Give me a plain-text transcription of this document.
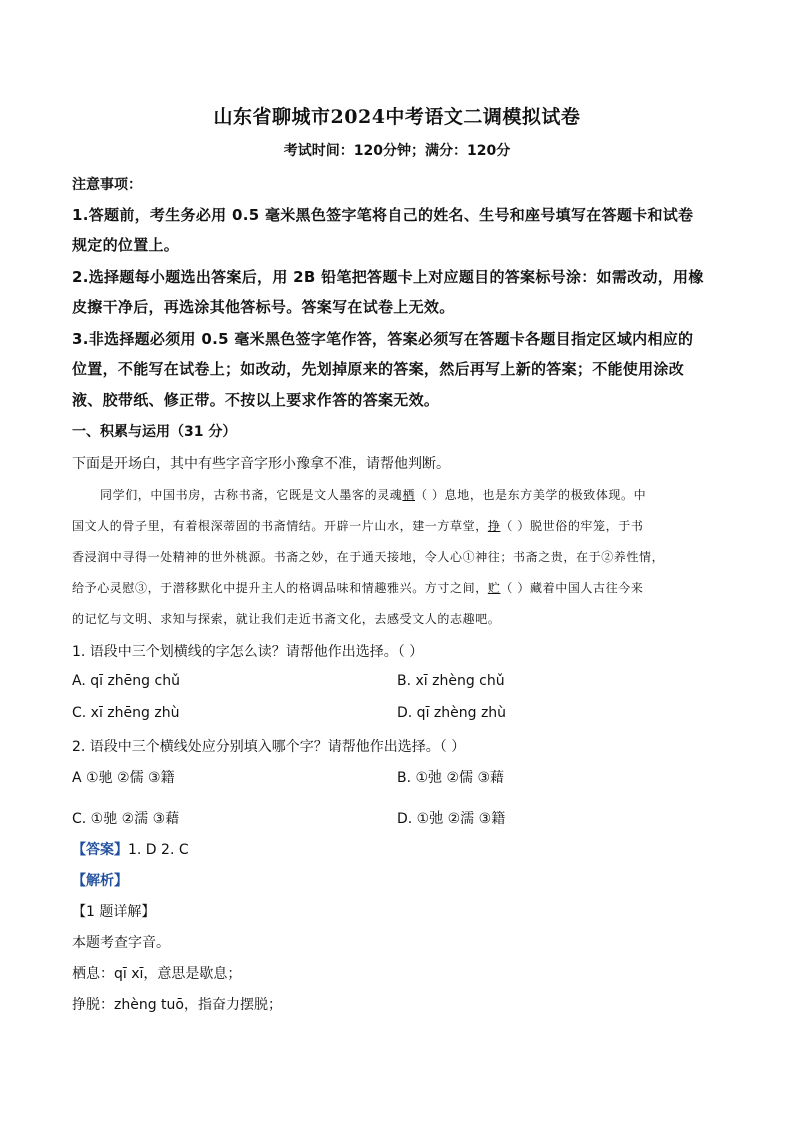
山东省聊城市2024中考语文二调模拟试卷
考试时间：120分钟；满分：120分
注意事项：
1.答题前，考生务必用 0.5 毫米黑色签字笔将自己的姓名、生号和座号填写在答题卡和试卷
规定的位置上。
2.选择题每小题选出答案后，用 2B 铅笔把答题卡上对应题目的答案标号涂：如需改动，用橡
皮擦干净后，再选涂其他答标号。答案写在试卷上无效。
3.非选择题必须用 0.5 毫米黑色签字笔作答，答案必须写在答题卡各题目指定区域内相应的
位置，不能写在试卷上；如改动，先划掉原来的答案，然后再写上新的答案；不能使用涂改
液、胶带纸、修正带。不按以上要求作答的答案无效。
一、积累与运用（31 分）
下面是开场白，其中有些字音字形小豫拿不准，请帮他判断。
同学们，中国书房，古称书斋，它既是文人墨客的灵魂栖（ ）息地，也是东方美学的极致体现。中
国文人的骨子里，有着根深蒂固的书斋情结。开辟一片山水，建一方草堂，挣（ ）脱世俗的牢笼，于书
香浸润中寻得一处精神的世外桃源。书斋之妙，在于通天接地，令人心①神往；书斋之贵，在于②养性情，
给予心灵慰③，于潜移默化中提升主人的格调品味和情趣雅兴。方寸之间，贮（ ）藏着中国人古往今来
的记忆与文明、求知与探索，就让我们走近书斋文化，去感受文人的志趣吧。
1. 语段中三个划横线的字怎么读？请帮他作出选择。（ ）
A. qī zhēng chǔ	B. xī zhèng chǔ
C. xī zhēng zhù	D. qī zhèng zhù
2. 语段中三个横线处应分别填入哪个字？请帮他作出选择。（ ）
A ①驰 ②儒 ③籍	B. ①弛 ②儒 ③藉
C. ①驰 ②濡 ③藉	D. ①弛 ②濡 ③籍
【答案】1. D 2. C
【解析】
【1 题详解】
本题考查字音。
栖息：qī xī，意思是歇息；
挣脱：zhèng tuō，指奋力摆脱；
